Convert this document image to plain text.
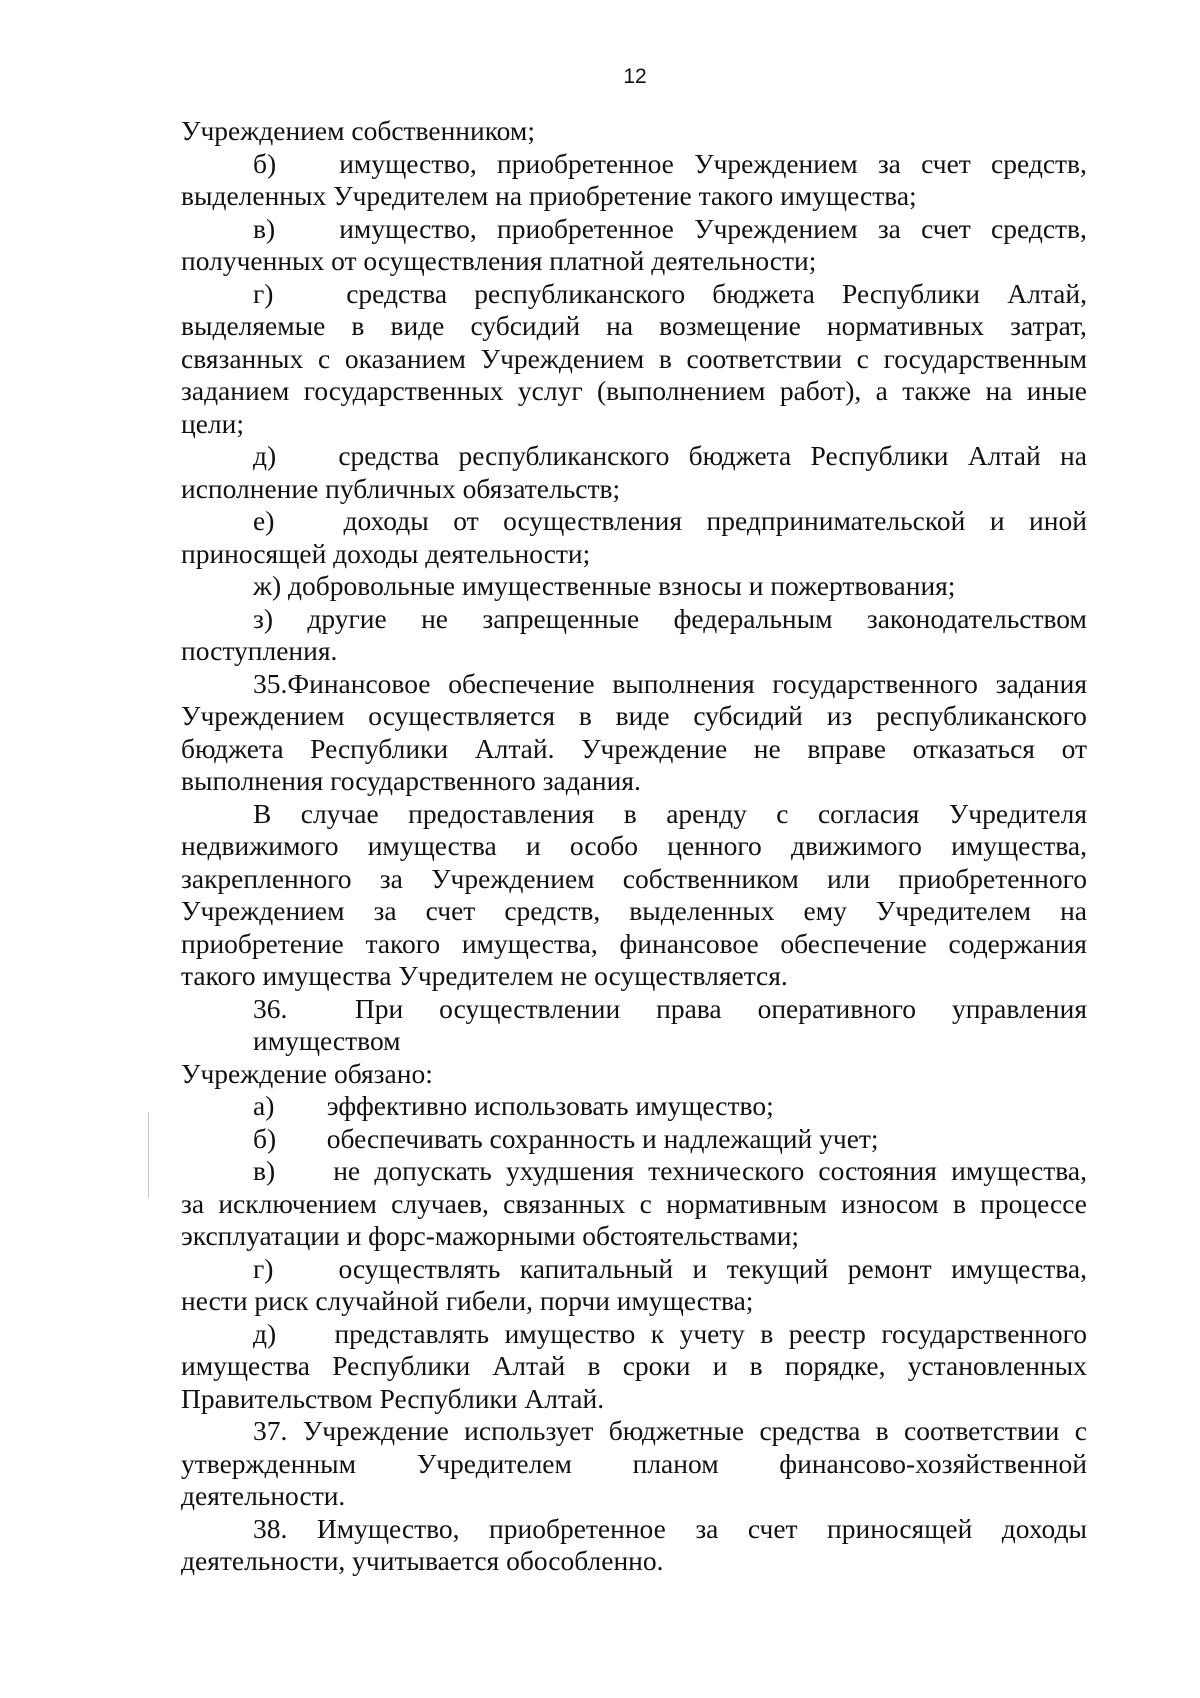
12
Учреждением собственником;
б)	имущество, приобретенное Учреждением за счет средств,
выделенных Учредителем на приобретение такого имущества;
в)	имущество, приобретенное Учреждением за счет средств,
полученных от осуществления платной деятельности;
г)	средства республиканского бюджета Республики Алтай,
выделяемые в виде субсидий на возмещение нормативных затрат,
связанных с оказанием Учреждением в соответствии с государственным
заданием государственных услуг (выполнением работ), а также на иные
цели;
д)	средства республиканского бюджета Республики Алтай на
исполнение публичных обязательств;
е)	доходы от осуществления предпринимательской и иной
приносящей доходы деятельности;
ж) добровольные имущественные взносы и пожертвования;
з) другие не запрещенные федеральным законодательством
поступления.
35.Финансовое обеспечение выполнения государственного задания
Учреждением осуществляется в виде субсидий из республиканского
бюджета Республики Алтай. Учреждение не вправе отказаться от
выполнения государственного задания.
В случае предоставления в аренду с согласия Учредителя
недвижимого имущества и особо ценного движимого имущества,
закрепленного за Учреждением собственником или приобретенного
Учреждением за счет средств, выделенных ему Учредителем на
приобретение такого имущества, финансовое обеспечение содержания
такого имущества Учредителем не осуществляется.
36.	При осуществлении права оперативного управления
имуществом
Учреждение обязано:
а)	эффективно использовать имущество;
б)	обеспечивать сохранность и надлежащий учет;
в)	не допускать ухудшения технического состояния имущества,
за исключением случаев, связанных с нормативным износом в процессе
эксплуатации и форс-мажорными обстоятельствами;
г)	осуществлять капитальный и текущий ремонт имущества,
нести риск случайной гибели, порчи имущества;
д)	представлять имущество к учету в реестр государственного
имущества Республики Алтай в сроки и в порядке, установленных
Правительством Республики Алтай.
37. Учреждение использует бюджетные средства в соответствии с
утвержденным Учредителем планом финансово-хозяйственной
деятельности.
38. Имущество, приобретенное за счет приносящей доходы
деятельности, учитывается обособленно.
